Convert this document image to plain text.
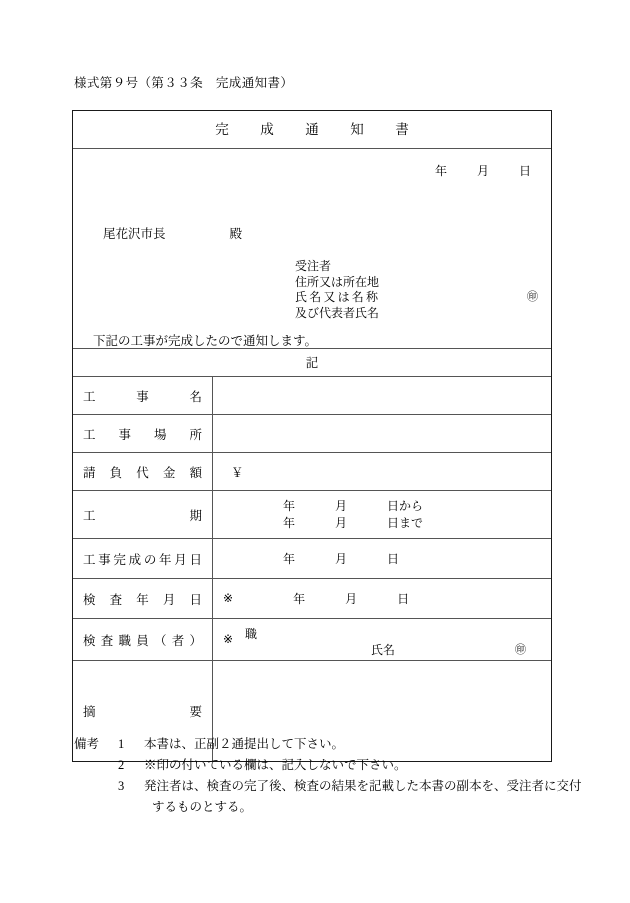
様式第９号（第３３条　完成通知書）
完　成　通　知　書
年	月	日
尾花沢市長	殿
受注者
住所又は所在地
氏名又は名称
及び代表者氏名
㊞
下記の工事が完成したので通知します。
記
工事名
工事場所
請負代金額 ￥
工期
年	月	日から
年	月	日まで
工事完成の年月日	年	月	日
検査年月日 ※	年	月	日
検査職員（者） ※ 職
氏名	㊞
摘要
備考	1	本書は、正副２通提出して下さい。
2	※印の付いている欄は、記入しないで下さい。
3	発注者は、検査の完了後、検査の結果を記載した本書の副本を、受注者に交付
するものとする。
